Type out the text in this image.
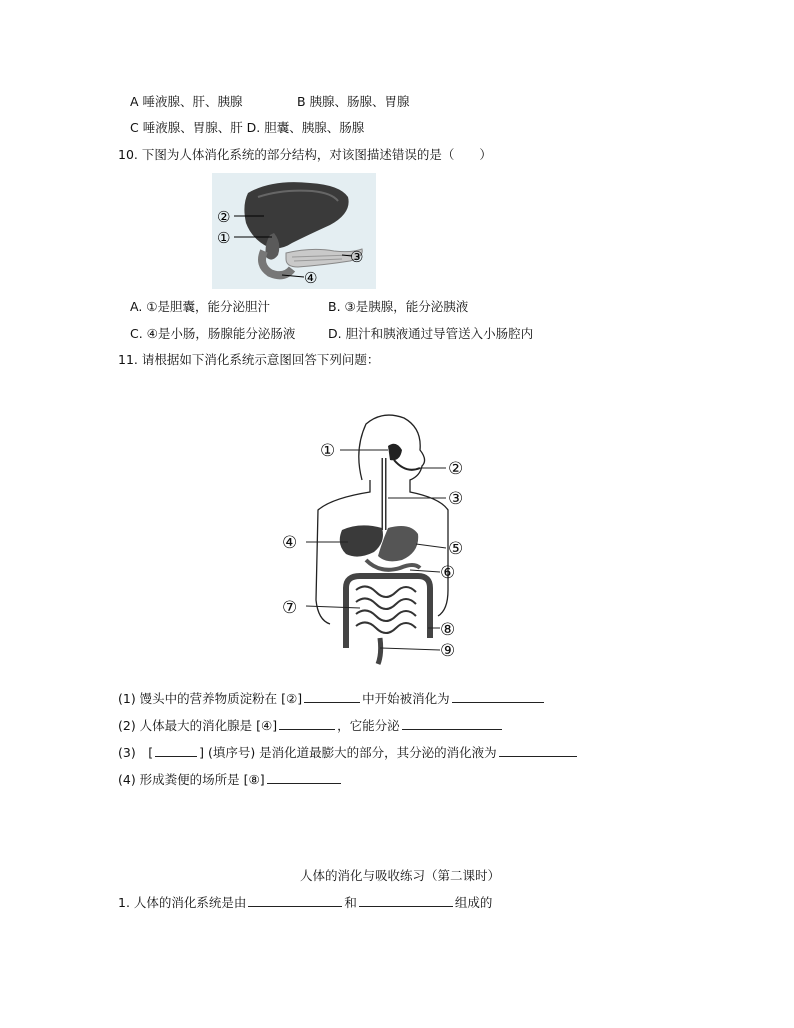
A 唾液腺、肝、胰腺	B 胰腺、肠腺、胃腺
C 唾液腺、胃腺、肝 D. 胆囊、胰腺、肠腺
10. 下图为人体消化系统的部分结构，对该图描述错误的是（　　）
②
①
③
④
A. ①是胆囊，能分泌胆汁	B. ③是胰腺，能分泌胰液
C. ④是小肠，肠腺能分泌肠液	D. 胆汁和胰液通过导管送入小肠腔内
11. 请根据如下消化系统示意图回答下列问题：
①
②
③
④	⑤
⑥
⑦
⑧
⑨
(1) 馒头中的营养物质淀粉在 [②]	中开始被消化为
(2) 人体最大的消化腺是 [④]	，它能分泌
(3)　[	] (填序号) 是消化道最膨大的部分，其分泌的消化液为
(4) 形成粪便的场所是 [⑧]
人体的消化与吸收练习（第二课时）
1. 人体的消化系统是由	和	组成的
